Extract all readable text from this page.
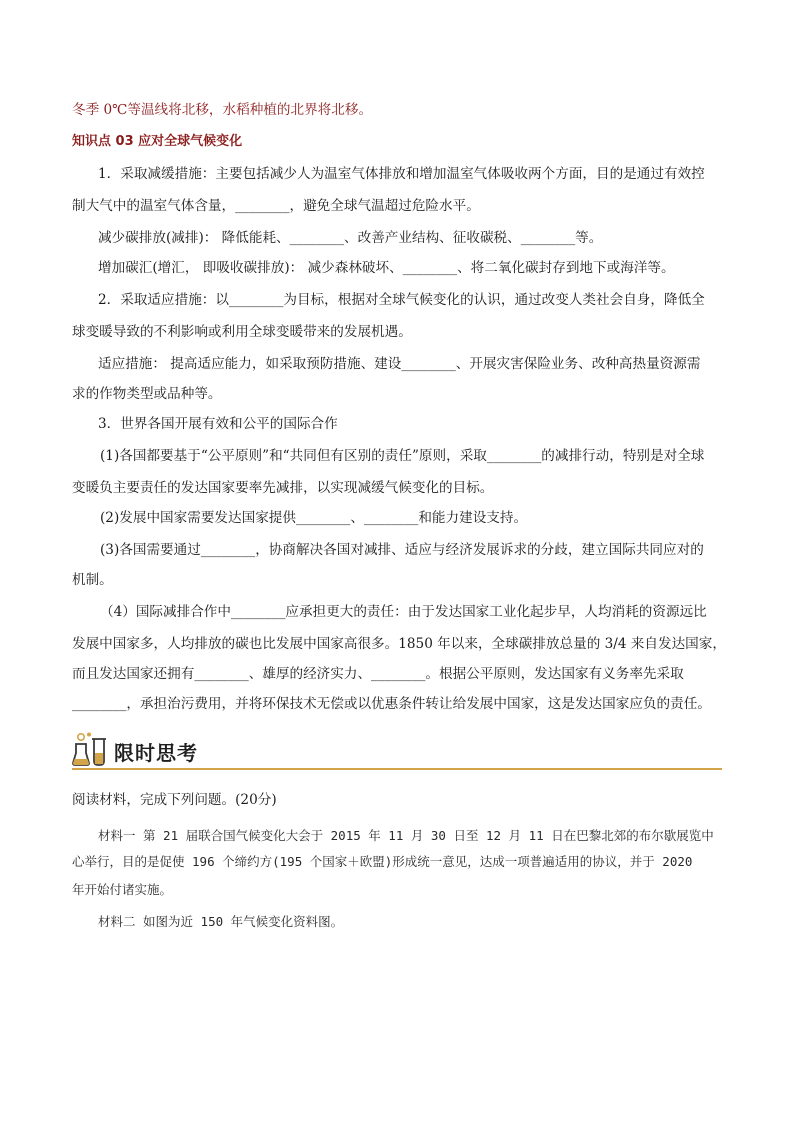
冬季 0℃等温线将北移，水稻种植的北界将北移。
知识点 03 应对全球气候变化
1．采取减缓措施：主要包括减少人为温室气体排放和增加温室气体吸收两个方面，目的是通过有效控
制大气中的温室气体含量，________，避免全球气温超过危险水平。
减少碳排放(减排)： 降低能耗、________、改善产业结构、征收碳税、________等。
增加碳汇(增汇， 即吸收碳排放)： 减少森林破坏、________、将二氧化碳封存到地下或海洋等。
2．采取适应措施：以________为目标，根据对全球气候变化的认识，通过改变人类社会自身，降低全
球变暖导致的不利影响或利用全球变暖带来的发展机遇。
适应措施： 提高适应能力，如采取预防措施、建设________、开展灾害保险业务、改种高热量资源需
求的作物类型或品种等。
3．世界各国开展有效和公平的国际合作
(1)各国都要基于“公平原则”和“共同但有区别的责任”原则，采取________的减排行动，特别是对全球
变暖负主要责任的发达国家要率先减排，以实现减缓气候变化的目标。
(2)发展中国家需要发达国家提供________、________和能力建设支持。
(3)各国需要通过________，协商解决各国对减排、适应与经济发展诉求的分歧，建立国际共同应对的
机制。
（4）国际减排合作中________应承担更大的责任：由于发达国家工业化起步早，人均消耗的资源远比
发展中国家多，人均排放的碳也比发展中国家高很多。1850 年以来，全球碳排放总量的 3/4 来自发达国家，
而且发达国家还拥有________、雄厚的经济实力、________。根据公平原则，发达国家有义务率先采取
________，承担治污费用，并将环保技术无偿或以优惠条件转让给发展中国家，这是发达国家应负的责任。
限时思考
阅读材料，完成下列问题。(20分)
材料一 第 21 届联合国气候变化大会于 2015 年 11 月 30 日至 12 月 11 日在巴黎北郊的布尔歇展览中
心举行，目的是促使 196 个缔约方(195 个国家＋欧盟)形成统一意见，达成一项普遍适用的协议，并于 2020
年开始付诸实施。
材料二 如图为近 150 年气候变化资料图。
